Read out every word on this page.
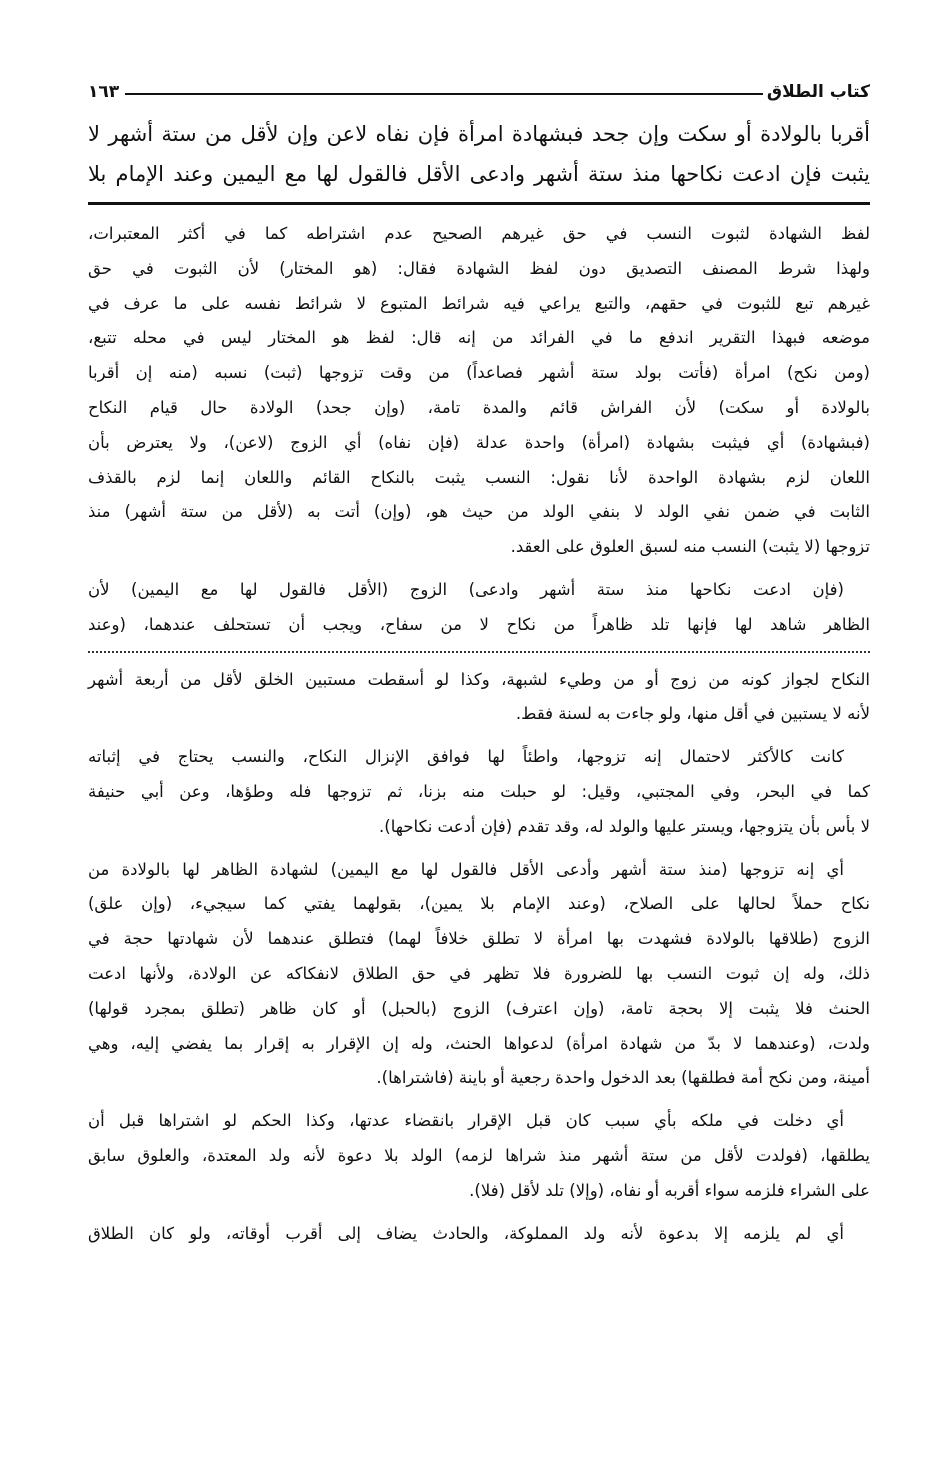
كتاب الطلاق
١٦٣
أقربا بالولادة أو سكت وإن جحد فبشهادة امرأة فإن نفاه لاعن وإن لأقل من ستة أشهر لا
يثبت فإن ادعت نكاحها منذ ستة أشهر وادعى الأقل فالقول لها مع اليمين وعند الإمام بلا
لفظ الشهادة لثبوت النسب في حق غيرهم الصحيح عدم اشتراطه كما في أكثر المعتبرات،
ولهذا شرط المصنف التصديق دون لفظ الشهادة فقال: (هو المختار) لأن الثبوت في حق
غيرهم تبع للثبوت في حقهم، والتبع يراعي فيه شرائط المتبوع لا شرائط نفسه على ما عرف في
موضعه فبهذا التقرير اندفع ما في الفرائد من إنه قال: لفظ هو المختار ليس في محله تتبع،
(ومن نكح) امرأة (فأتت بولد ستة أشهر فصاعداً) من وقت تزوجها (ثبت) نسبه (منه إن أقربا
بالولادة أو سكت) لأن الفراش قائم والمدة تامة، (وإن جحد) الولادة حال قيام النكاح
(فبشهادة) أي فيثبت بشهادة (امرأة) واحدة عدلة (فإن نفاه) أي الزوج (لاعن)، ولا يعترض بأن
اللعان لزم بشهادة الواحدة لأنا نقول: النسب يثبت بالنكاح القائم واللعان إنما لزم بالقذف
الثابت في ضمن نفي الولد لا بنفي الولد من حيث هو، (وإن) أتت به (لأقل من ستة أشهر) منذ
تزوجها (لا يثبت) النسب منه لسبق العلوق على العقد.
(فإن ادعت نكاحها منذ ستة أشهر وادعى) الزوج (الأقل فالقول لها مع اليمين) لأن
الظاهر شاهد لها فإنها تلد ظاهراً من نكاح لا من سفاح، ويجب أن تستحلف عندهما، (وعند
النكاح لجواز كونه من زوج أو من وطيء لشبهة، وكذا لو أسقطت مستبين الخلق لأقل من أربعة أشهر
لأنه لا يستبين في أقل منها، ولو جاءت به لسنة فقط.
كانت كالأكثر لاحتمال إنه تزوجها، واطئاً لها فوافق الإنزال النكاح، والنسب يحتاج في إثباته
كما في البحر، وفي المجتبي، وقيل: لو حبلت منه بزنا، ثم تزوجها فله وطؤها، وعن أبي حنيفة
لا بأس بأن يتزوجها، ويستر عليها والولد له، وقد تقدم (فإن أدعت نكاحها).
أي إنه تزوجها (منذ ستة أشهر وأدعى الأقل فالقول لها مع اليمين) لشهادة الظاهر لها بالولادة من
نكاح حملاً لحالها على الصلاح، (وعند الإمام بلا يمين)، بقولهما يفتي كما سيجيء، (وإن علق)
الزوج (طلاقها بالولادة فشهدت بها امرأة لا تطلق خلافاً لهما) فتطلق عندهما لأن شهادتها حجة في
ذلك، وله إن ثبوت النسب بها للضرورة فلا تظهر في حق الطلاق لانفكاكه عن الولادة، ولأنها ادعت
الحنث فلا يثبت إلا بحجة تامة، (وإن اعترف) الزوج (بالحبل) أو كان ظاهر (تطلق بمجرد قولها)
ولدت، (وعندهما لا بدّ من شهادة امرأة) لدعواها الحنث، وله إن الإقرار به إقرار بما يفضي إليه، وهي
أمينة، ومن نكح أمة فطلقها) بعد الدخول واحدة رجعية أو باينة (فاشتراها).
أي دخلت في ملكه بأي سبب كان قبل الإقرار بانقضاء عدتها، وكذا الحكم لو اشتراها قبل أن
يطلقها، (فولدت لأقل من ستة أشهر منذ شراها لزمه) الولد بلا دعوة لأنه ولد المعتدة، والعلوق سابق
على الشراء فلزمه سواء أقربه أو نفاه، (وإلا) تلد لأقل (فلا).
أي لم يلزمه إلا بدعوة لأنه ولد المملوكة، والحادث يضاف إلى أقرب أوقاته، ولو كان الطلاق
